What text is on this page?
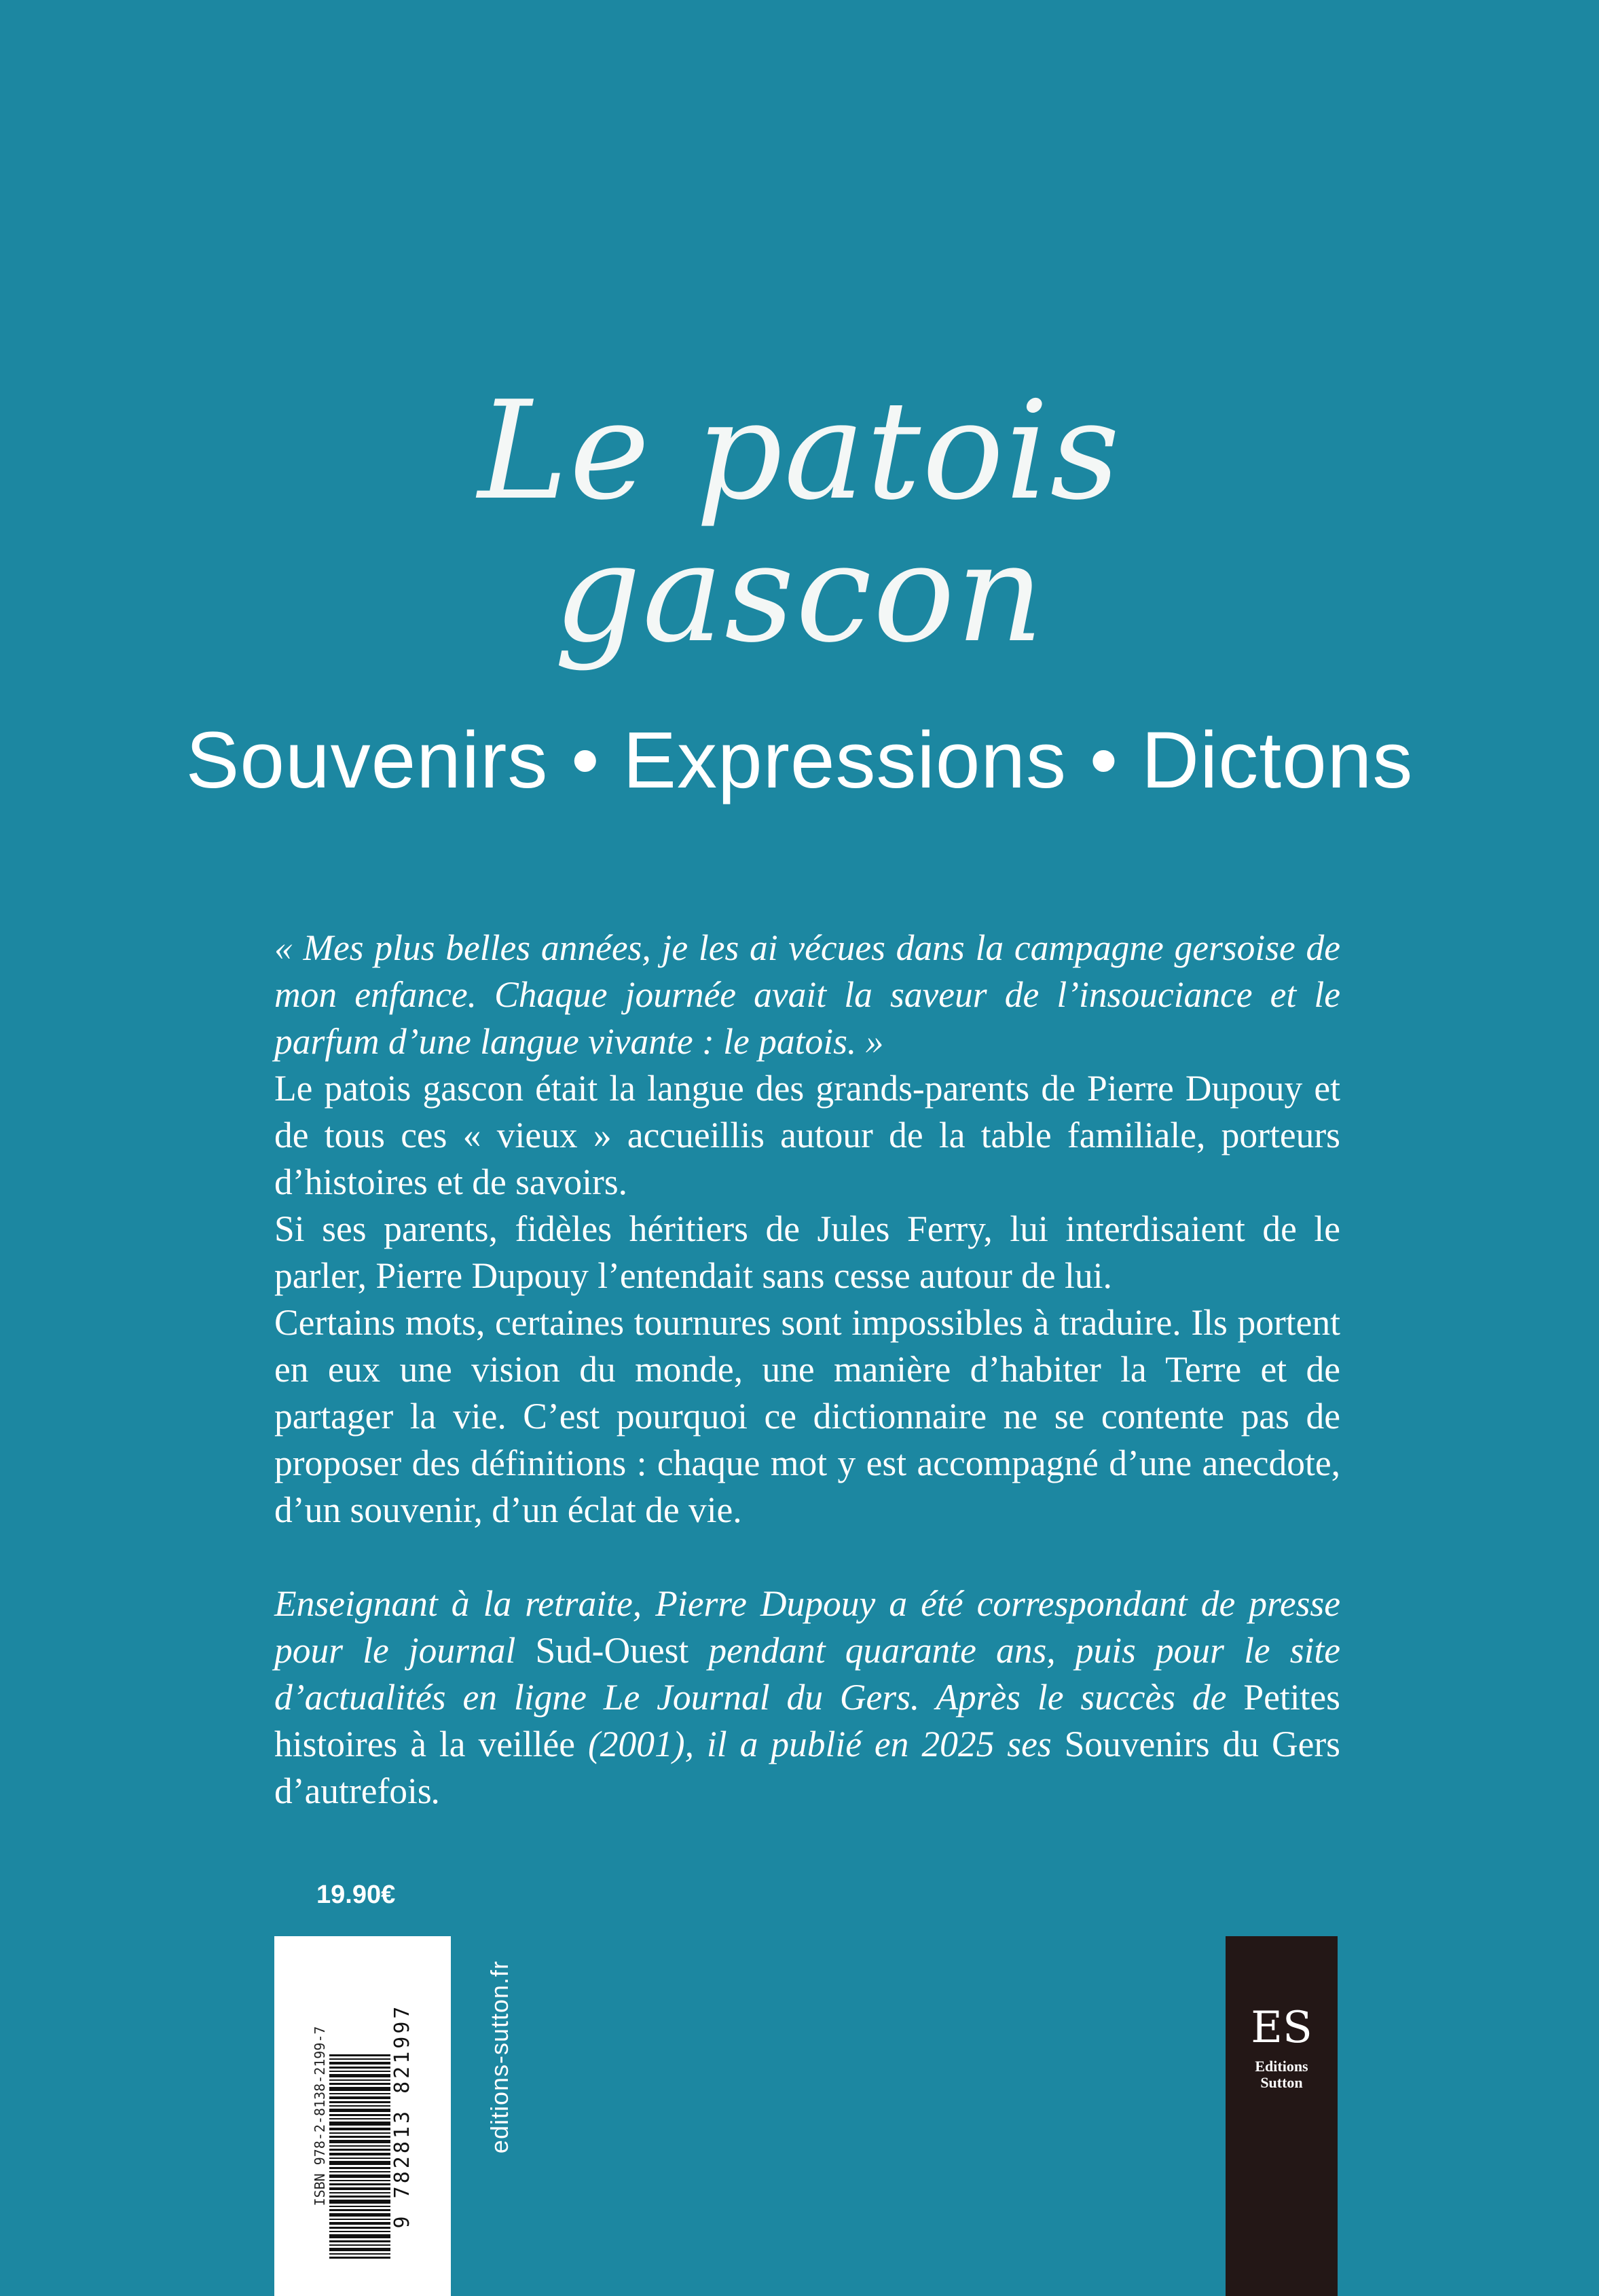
Le patois
gascon
Souvenirs • Expressions • Dictons

« Mes plus belles années, je les ai vécues dans la campagne gersoise de mon enfance. Chaque journée avait la saveur de l’insouciance et le parfum d’une langue vivante : le patois. »

Le patois gascon était la langue des grands-parents de Pierre Dupouy et de tous ces « vieux » accueillis autour de la table familiale, porteurs d’histoires et de savoirs.

Si ses parents, fidèles héritiers de Jules Ferry, lui interdisaient de le parler, Pierre Dupouy l’entendait sans cesse autour de lui.

Certains mots, certaines tournures sont impossibles à traduire. Ils portent en eux une vision du monde, une manière d’habiter la Terre et de partager la vie. C’est pourquoi ce dictionnaire ne se contente pas de proposer des définitions : chaque mot y est accompagné d’une anecdote, d’un souvenir, d’un éclat de vie.

Enseignant à la retraite, Pierre Dupouy a été correspondant de presse pour le journal Sud-Ouest pendant quarante ans, puis pour le site d’actualités en ligne Le Journal du Gers. Après le succès de Petites histoires à la veillée (2001), il a publié en 2025 ses Souvenirs du Gers d’autrefois.

19.90€
ISBN 978-2-8138-2199-7	9 782813 821997	editions-sutton.fr	ES
Editions
Sutton
